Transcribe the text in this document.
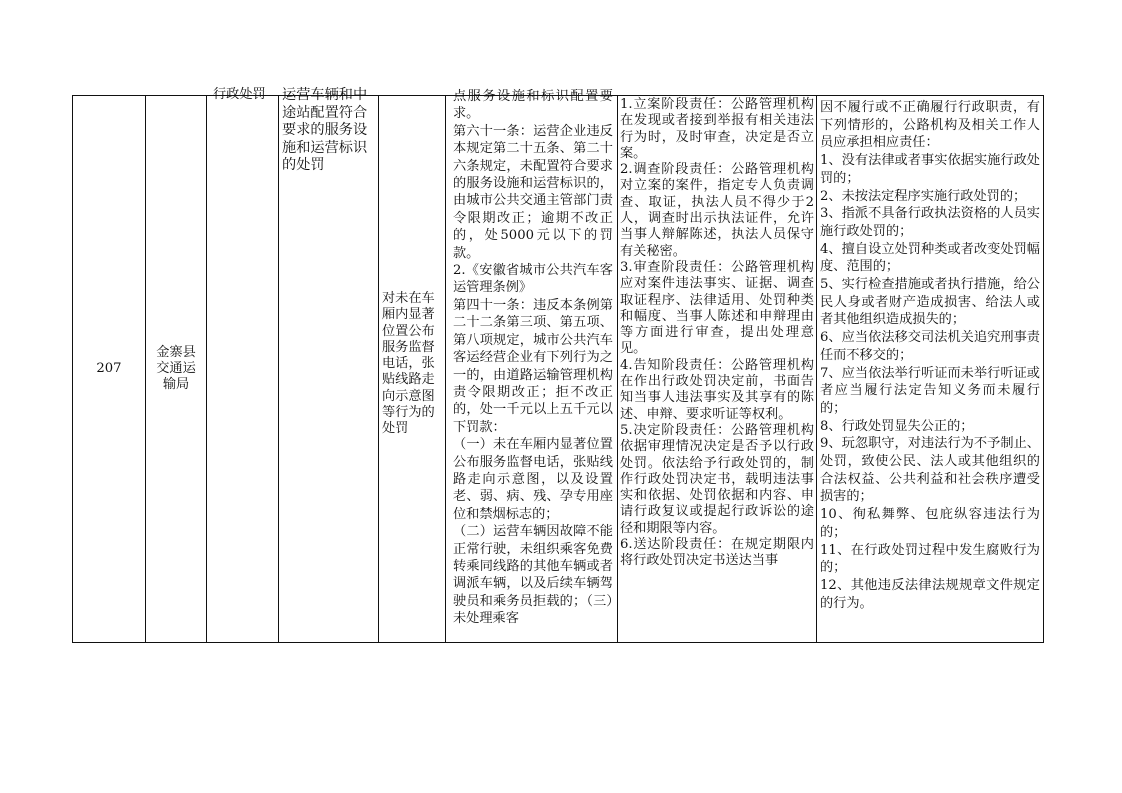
207
金寨县交通运输局

行政处罚

	运营车辆和中途站配置符合要求的服务设施和运营标识的处罚

对未在车厢内显著位置公布服务监督电话，张贴线路走向示意图等行为的处罚

点服务设施和标识配置要求。
第六十一条：运营企业违反本规定第二十五条、第二十六条规定，未配置符合要求的服务设施和运营标识的，由城市公共交通主管部门责令限期改正；逾期不改正的，处5000元以下的罚款。
2.《安徽省城市公共汽车客运管理条例》
第四十一条：违反本条例第二十二条第三项、第五项、第八项规定，城市公共汽车客运经营企业有下列行为之一的，由道路运输管理机构责令限期改正；拒不改正的，处一千元以上五千元以下罚款：
（一）未在车厢内显著位置公布服务监督电话，张贴线路走向示意图，以及设置老、弱、病、残、孕专用座位和禁烟标志的；
（二）运营车辆因故障不能正常行驶，未组织乘客免费转乘同线路的其他车辆或者调派车辆，以及后续车辆驾驶员和乘务员拒载的；（三）未处理乘客

1.立案阶段责任：公路管理机构在发现或者接到举报有相关违法行为时，及时审查，决定是否立案。
2.调查阶段责任：公路管理机构对立案的案件，指定专人负责调查、取证，执法人员不得少于2人，调查时出示执法证件，允许当事人辩解陈述，执法人员保守有关秘密。
3.审查阶段责任：公路管理机构应对案件违法事实、证据、调查取证程序、法律适用、处罚种类和幅度、当事人陈述和申辩理由等方面进行审查，提出处理意见。
4.告知阶段责任：公路管理机构在作出行政处罚决定前，书面告知当事人违法事实及其享有的陈述、申辩、要求听证等权利。
5.决定阶段责任：公路管理机构依据审理情况决定是否予以行政处罚。依法给予行政处罚的，制作行政处罚决定书，载明违法事实和依据、处罚依据和内容、申请行政复议或提起行政诉讼的途径和期限等内容。
6.送达阶段责任：在规定期限内将行政处罚决定书送达当事

因不履行或不正确履行行政职责，有下列情形的，公路机构及相关工作人员应承担相应责任：
1、没有法律或者事实依据实施行政处罚的；
2、未按法定程序实施行政处罚的；
3、指派不具备行政执法资格的人员实施行政处罚的；
4、擅自设立处罚种类或者改变处罚幅度、范围的；
5、实行检查措施或者执行措施，给公民人身或者财产造成损害、给法人或者其他组织造成损失的；
6、应当依法移交司法机关追究刑事责任而不移交的；
7、应当依法举行听证而未举行听证或者应当履行法定告知义务而未履行的；
8、行政处罚显失公正的；
9、玩忽职守，对违法行为不予制止、处罚，致使公民、法人或其他组织的合法权益、公共利益和社会秩序遭受损害的；
10、徇私舞弊、包庇纵容违法行为的；
11、在行政处罚过程中发生腐败行为的；
12、其他违反法律法规规章文件规定的行为。
